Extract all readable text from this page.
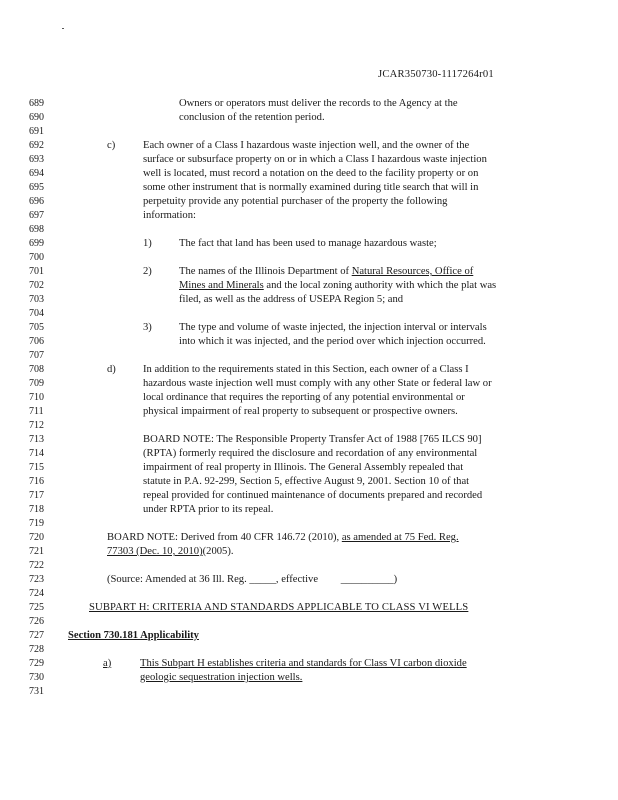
JCAR350730-1117264r01
689
690
691
692
693
694
695
696
697
698
699
700
701
702
703
704
705
706
707
708
709
710
711
712
713
714
715
716
717
718
719
720
721
722
723
724
725
726
727
728
729
730
731
Owners or operators must deliver the records to the Agency at the
conclusion of the retention period.
c)	Each owner of a Class I hazardous waste injection well, and the owner of the
surface or subsurface property on or in which a Class I hazardous waste injection
well is located, must record a notation on the deed to the facility property or on
some other instrument that is normally examined during title search that will in
perpetuity provide any potential purchaser of the property the following
information:
1)	The fact that land has been used to manage hazardous waste;
2)	The names of the Illinois Department of Natural Resources, Office of
Mines and Minerals and the local zoning authority with which the plat was
filed, as well as the address of USEPA Region 5; and
3)	The type and volume of waste injected, the injection interval or intervals
into which it was injected, and the period over which injection occurred.
d)	In addition to the requirements stated in this Section, each owner of a Class I
hazardous waste injection well must comply with any other State or federal law or
local ordinance that requires the reporting of any potential environmental or
physical impairment of real property to subsequent or prospective owners.
BOARD NOTE: The Responsible Property Transfer Act of 1988 [765 ILCS 90]
(RPTA) formerly required the disclosure and recordation of any environmental
impairment of real property in Illinois. The General Assembly repealed that
statute in P.A. 92-299, Section 5, effective August 9, 2001. Section 10 of that
repeal provided for continued maintenance of documents prepared and recorded
under RPTA prior to its repeal.
BOARD NOTE: Derived from 40 CFR 146.72 (2010), as amended at 75 Fed. Reg.
77303 (Dec. 10, 2010)(2005).
(Source: Amended at 36 Ill. Reg. _____, effective __________)
SUBPART H: CRITERIA AND STANDARDS APPLICABLE TO CLASS VI WELLS
Section 730.181 Applicability
a)	This Subpart H establishes criteria and standards for Class VI carbon dioxide
geologic sequestration injection wells.
